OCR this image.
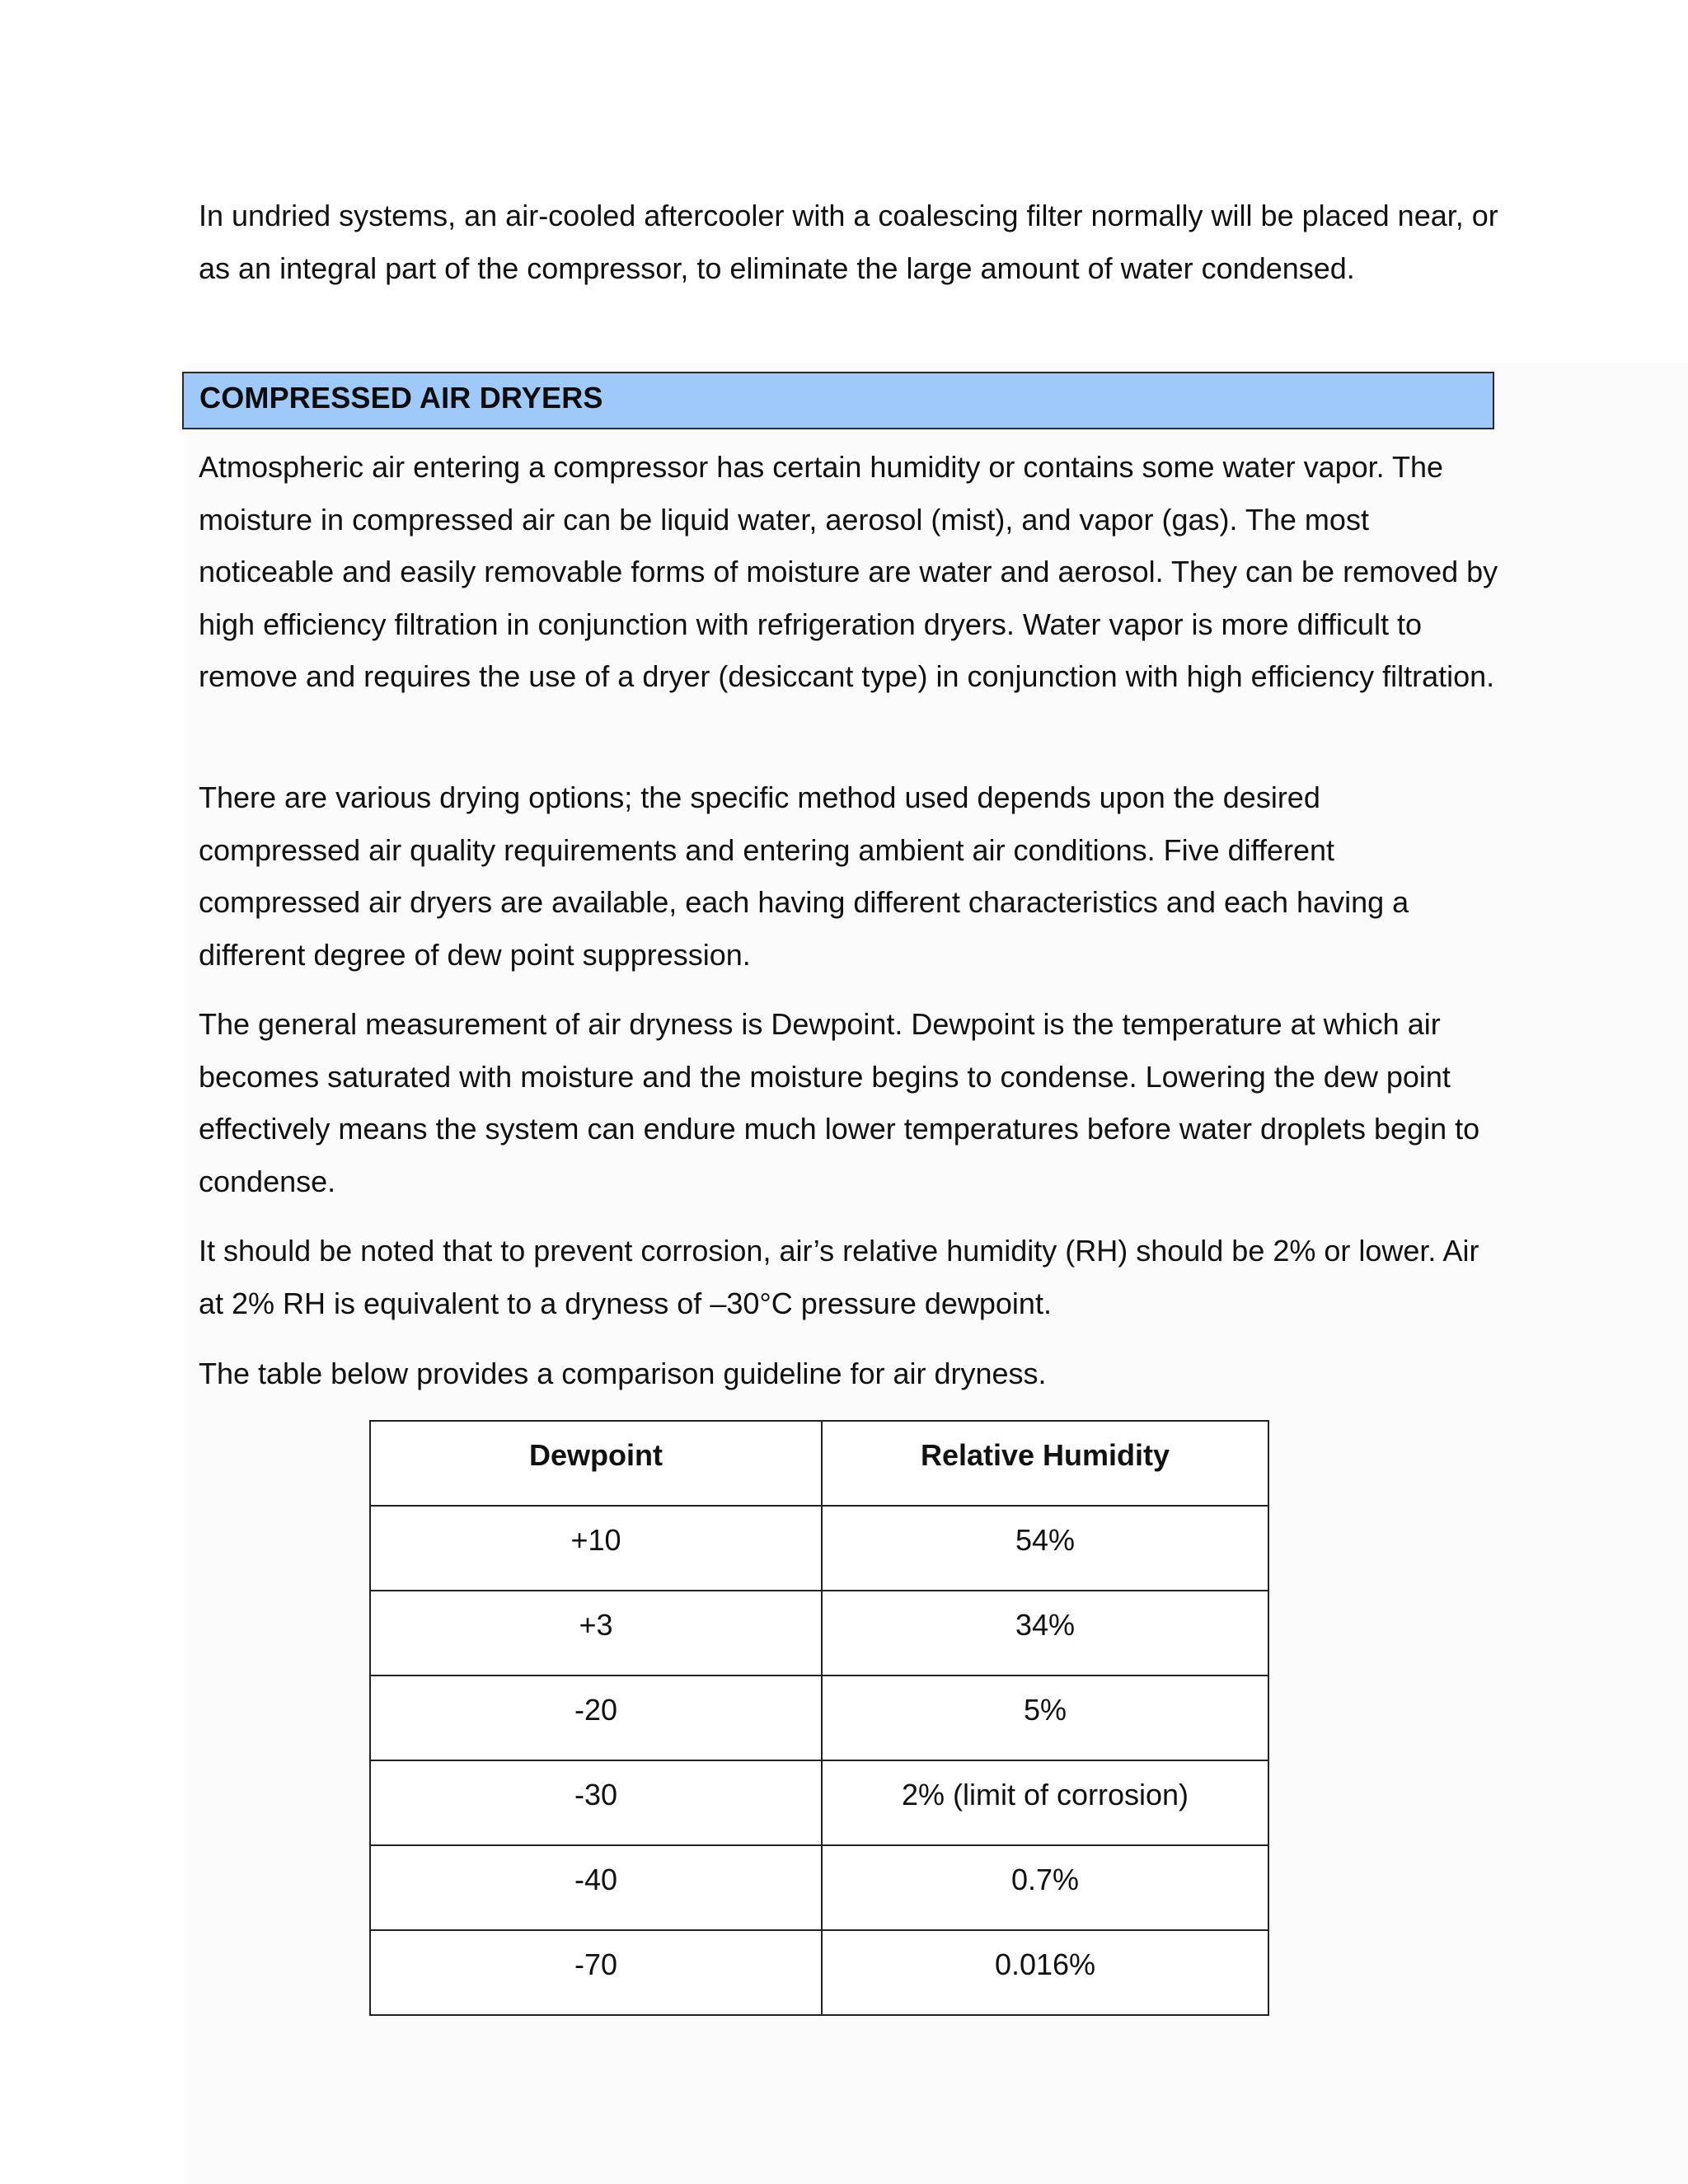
In undried systems, an air-cooled aftercooler with a coalescing filter normally will be placed near, or as an integral part of the compressor, to eliminate the large amount of water condensed.

COMPRESSED AIR DRYERS

Atmospheric air entering a compressor has certain humidity or contains some water vapor. The moisture in compressed air can be liquid water, aerosol (mist), and vapor (gas). The most noticeable and easily removable forms of moisture are water and aerosol. They can be removed by high efficiency filtration in conjunction with refrigeration dryers. Water vapor is more difficult to remove and requires the use of a dryer (desiccant type) in conjunction with high efficiency filtration.

There are various drying options; the specific method used depends upon the desired compressed air quality requirements and entering ambient air conditions. Five different compressed air dryers are available, each having different characteristics and each having a different degree of dew point suppression.

The general measurement of air dryness is Dewpoint. Dewpoint is the temperature at which air becomes saturated with moisture and the moisture begins to condense. Lowering the dew point effectively means the system can endure much lower temperatures before water droplets begin to condense.

It should be noted that to prevent corrosion, air’s relative humidity (RH) should be 2% or lower. Air at 2% RH is equivalent to a dryness of –30°C pressure dewpoint.

The table below provides a comparison guideline for air dryness.

Dewpoint	Relative Humidity
+10	54%
+3	34%
-20	5%
-30	2% (limit of corrosion)
-40	0.7%
-70	0.016%
